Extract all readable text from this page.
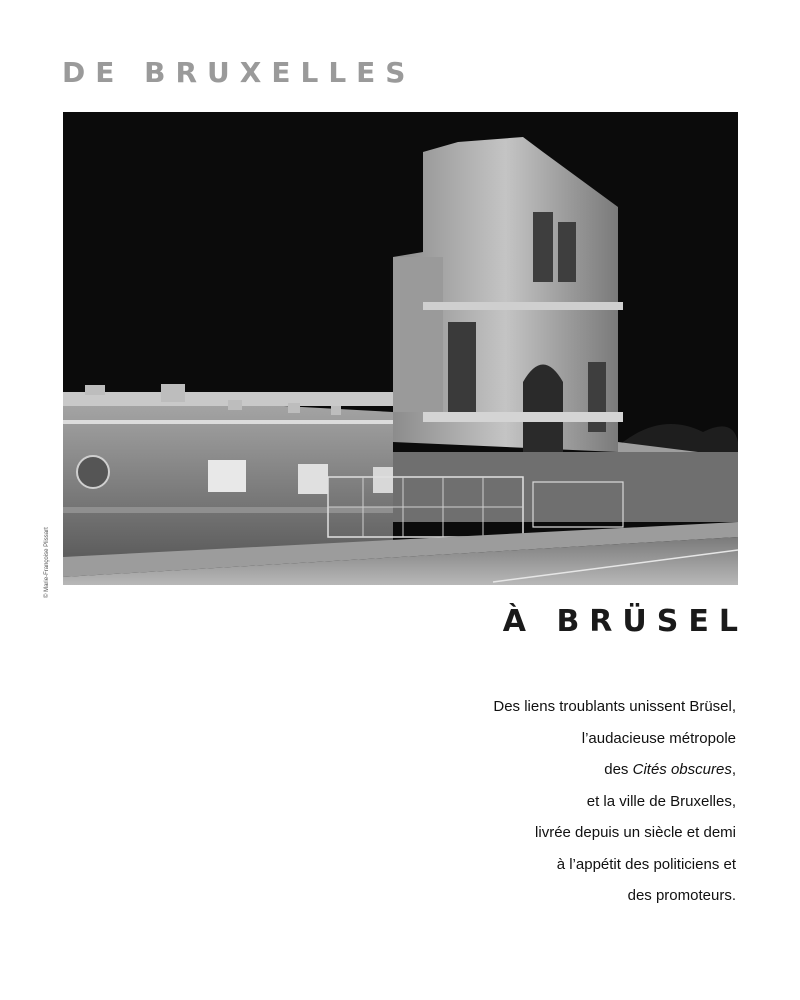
DE BRUXELLES
© Marie-Françoise Plissart
À BRÜSEL
Des liens troublants unissent Brüsel,
l’audacieuse métropole
des Cités obscures,
et la ville de Bruxelles,
livrée depuis un siècle et demi
à l’appétit des politiciens et
des promoteurs.
